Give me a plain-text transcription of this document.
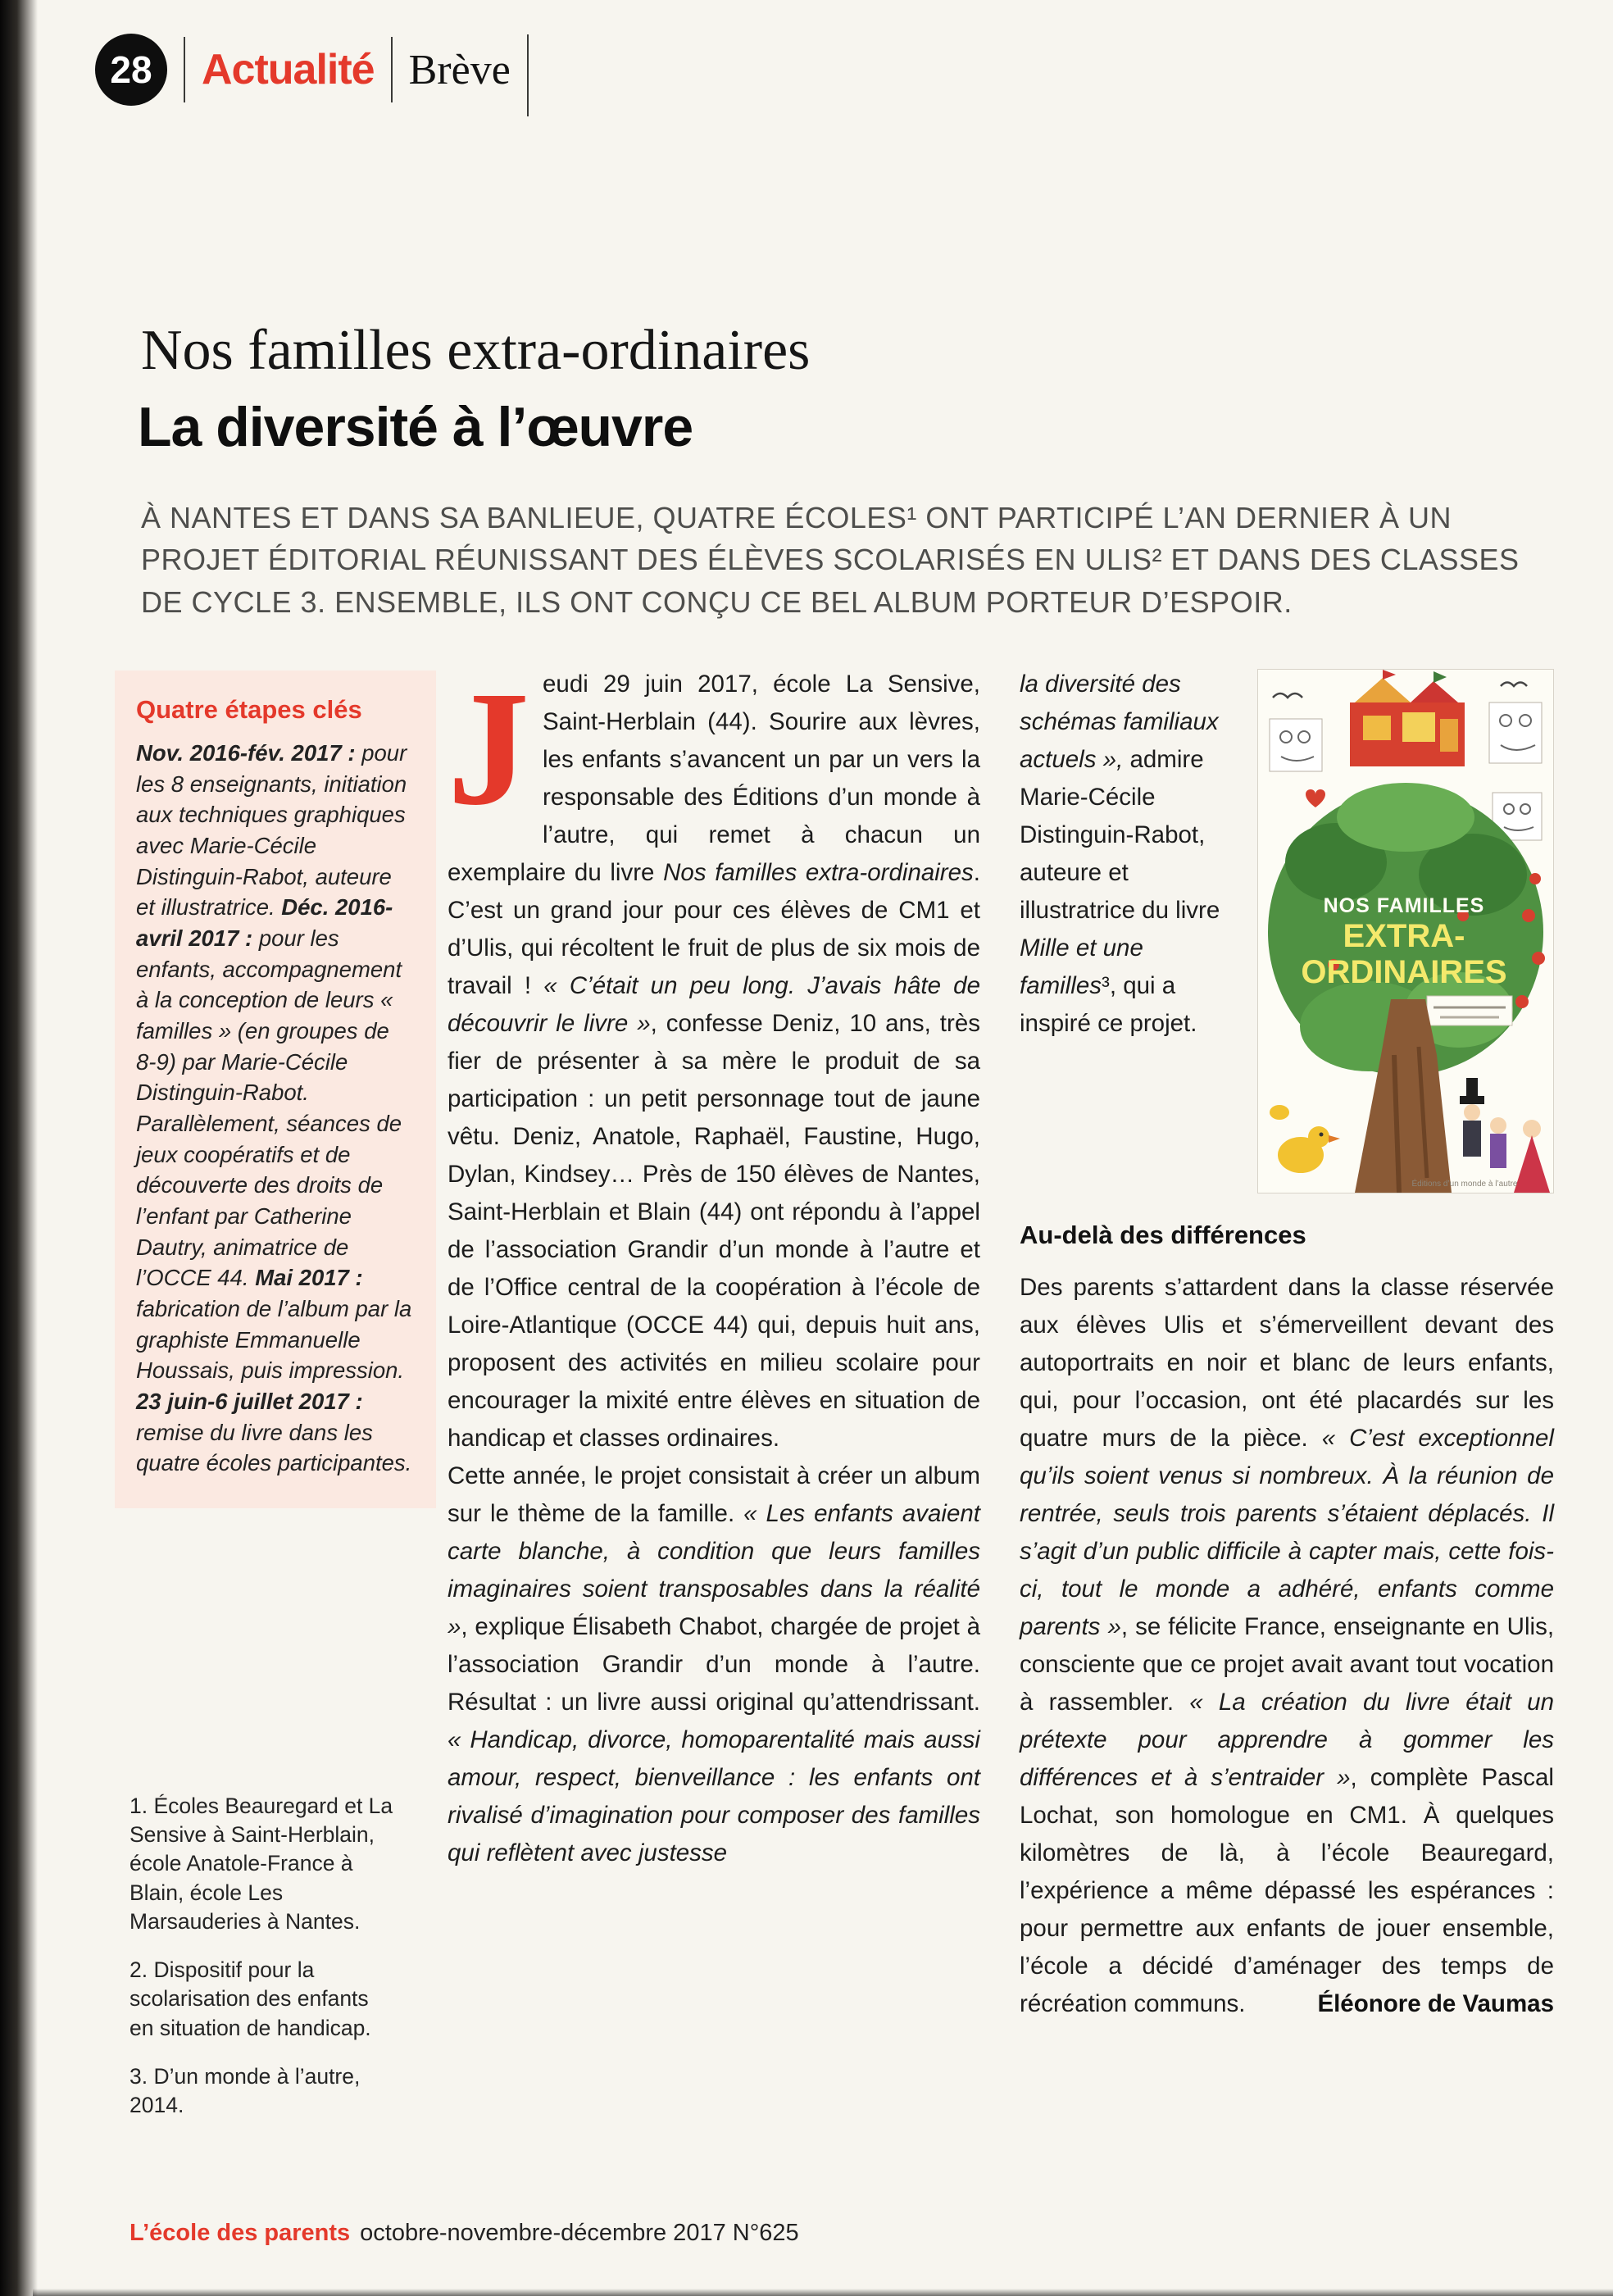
28 Actualité Brève
Nos familles extra-ordinaires
La diversité à l’œuvre
À NANTES ET DANS SA BANLIEUE, QUATRE ÉCOLES¹ ONT PARTICIPÉ L’AN DERNIER À UN PROJET ÉDITORIAL RÉUNISSANT DES ÉLÈVES SCOLARISÉS EN ULIS² ET DANS DES CLASSES DE CYCLE 3. ENSEMBLE, ILS ONT CONÇU CE BEL ALBUM PORTEUR D’ESPOIR.
Quatre étapes clés

Nov. 2016-fév. 2017 : pour les 8 enseignants, initiation aux techniques graphiques avec Marie-Cécile Distinguin-Rabot, auteure et illustratrice. Déc. 2016-avril 2017 : pour les enfants, accompagnement à la conception de leurs « familles » (en groupes de 8-9) par Marie-Cécile Distinguin-Rabot. Parallèlement, séances de jeux coopératifs et de découverte des droits de l’enfant par Catherine Dautry, animatrice de l’OCCE 44. Mai 2017 : fabrication de l’album par la graphiste Emmanuelle Houssais, puis impression. 23 juin-6 juillet 2017 : remise du livre dans les quatre écoles participantes.

1. Écoles Beauregard et La Sensive à Saint-Herblain, école Anatole-France à Blain, école Les Marsauderies à Nantes.

2. Dispositif pour la scolarisation des enfants en situation de handicap.

3. D’un monde à l’autre, 2014.

Jeudi 29 juin 2017, école La Sensive, Saint-Herblain (44). Sourire aux lèvres, les enfants s’avancent un par un vers la responsable des Éditions d’un monde à l’autre, qui remet à chacun un exemplaire du livre Nos familles extra-ordinaires. C’est un grand jour pour ces élèves de CM1 et d’Ulis, qui récoltent le fruit de plus de six mois de travail ! « C’était un peu long. J’avais hâte de découvrir le livre », confesse Deniz, 10 ans, très fier de présenter à sa mère le produit de sa participation : un petit personnage tout de jaune vêtu. Deniz, Anatole, Raphaël, Faustine, Hugo, Dylan, Kindsey… Près de 150 élèves de Nantes, Saint-Herblain et Blain (44) ont répondu à l’appel de l’association Grandir d’un monde à l’autre et de l’Office central de la coopération à l’école de Loire-Atlantique (OCCE 44) qui, depuis huit ans, proposent des activités en milieu scolaire pour encourager la mixité entre élèves en situation de handicap et classes ordinaires.

Cette année, le projet consistait à créer un album sur le thème de la famille. « Les enfants avaient carte blanche, à condition que leurs familles imaginaires soient transposables dans la réalité », explique Élisabeth Chabot, chargée de projet à l’association Grandir d’un monde à l’autre. Résultat : un livre aussi original qu’attendrissant. « Handicap, divorce, homoparentalité mais aussi amour, respect, bienveillance : les enfants ont rivalisé d’imagination pour composer des familles qui reflètent avec justesse

NOS FAMILLES
EXTRA-
ORDINAIRES
Éditions d’un monde à l’autre

la diversité des schémas familiaux actuels », admire Marie-Cécile Distinguin-Rabot, auteure et illustratrice du livre Mille et une familles³, qui a inspiré ce projet.

Au-delà des différences

Des parents s’attardent dans la classe réservée aux élèves Ulis et s’émerveillent devant des autoportraits en noir et blanc de leurs enfants, qui, pour l’occasion, ont été placardés sur les quatre murs de la pièce. « C’est exceptionnel qu’ils soient venus si nombreux. À la réunion de rentrée, seuls trois parents s’étaient déplacés. Il s’agit d’un public difficile à capter mais, cette fois-ci, tout le monde a adhéré, enfants comme parents », se félicite France, enseignante en Ulis, consciente que ce projet avait avant tout vocation à rassembler. « La création du livre était un prétexte pour apprendre à gommer les différences et à s’entraider », complète Pascal Lochat, son homologue en CM1. À quelques kilomètres de là, à l’école Beauregard, l’expérience a même dépassé les espérances : pour permettre aux enfants de jouer ensemble, l’école a décidé d’aménager des temps de récréation communs.	Éléonore de Vaumas
L’école des parents octobre-novembre-décembre 2017 N°625
